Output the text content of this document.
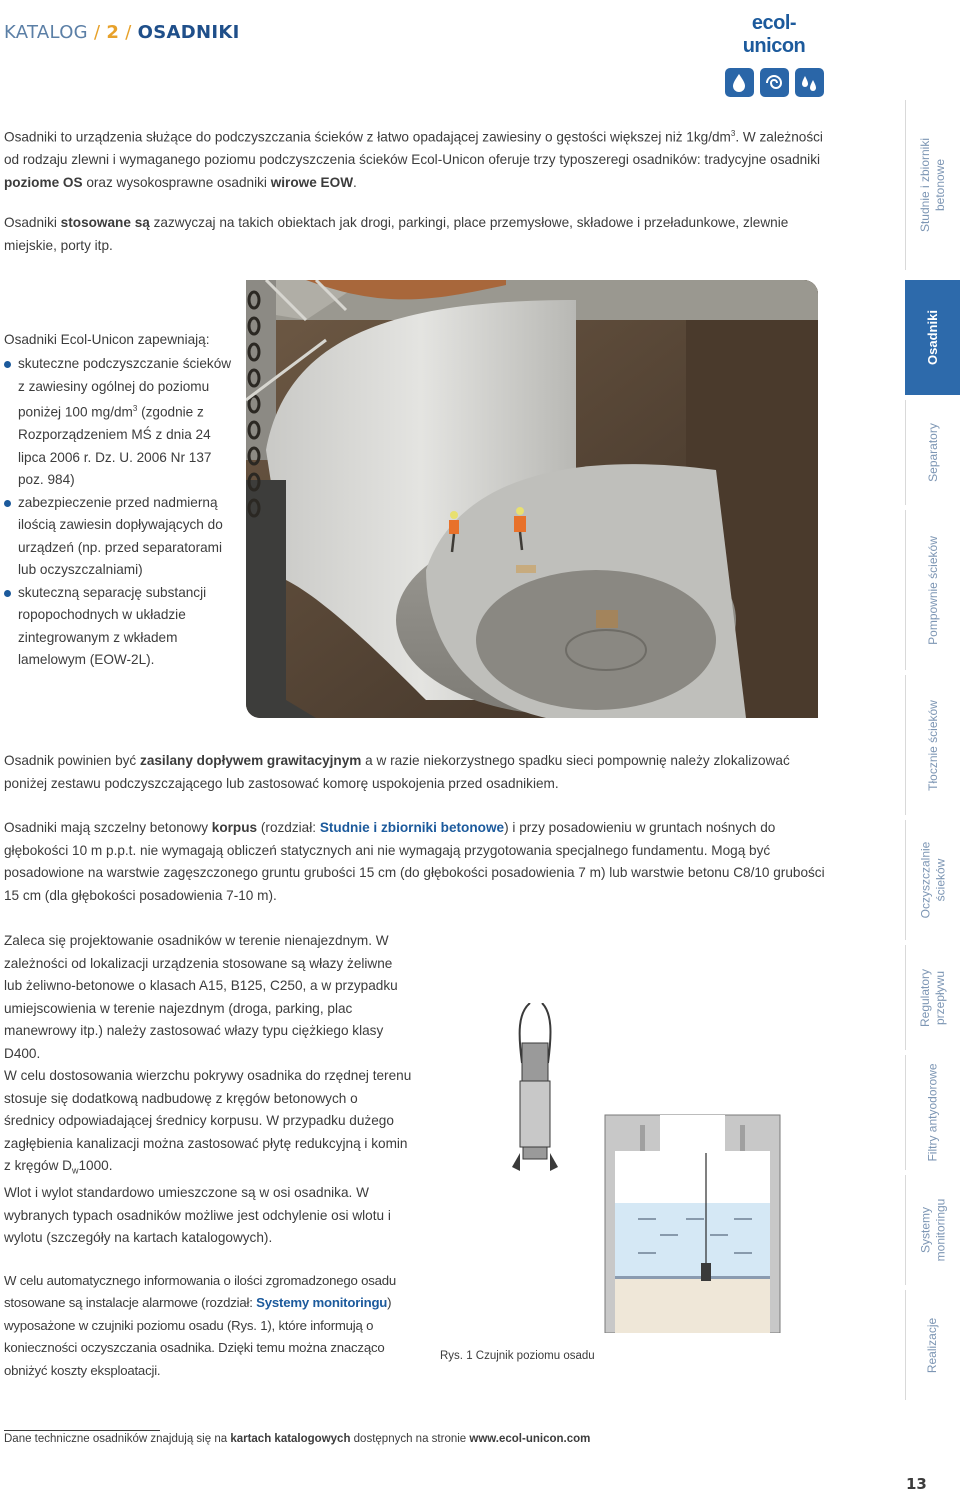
KATALOG / 2 / OSADNIKI	ecol-unicon
Studnie i zbiorniki
betonowe
Osadniki
Separatory
Pompownie ścieków
Tłocznie ścieków
Oczyszczalnie
ścieków
Regulatory
przepływu
Filtry antyodorowe
Systemy
monitoringu
Realizacje

Osadniki to urządzenia służące do podczyszczania ścieków z łatwo opadającej zawiesiny o gęstości większej niż $1kg/dm^3$. W zależności od rodzaju zlewni i wymaganego poziomu podczyszczenia ścieków Ecol-Unicon oferuje trzy typoszeregi osadników: tradycyjne osadniki poziome OS oraz wysokosprawne osadniki wirowe EOW.

Osadniki stosowane są zazwyczaj na takich obiektach jak drogi, parkingi, place przemysłowe, składowe i przeładunkowe, zlewnie miejskie, porty itp.

Osadniki Ecol-Unicon zapewniają:
skuteczne podczyszczanie ścieków z zawiesiny ogólnej do poziomu poniżej 100 $mg/dm^3$ (zgodnie z Rozporządzeniem MŚ z dnia 24 lipca 2006 r. Dz. U. 2006 Nr 137 poz. 984)
zabezpieczenie przed nadmierną ilością zawiesin dopływających do urządzeń (np. przed separatorami lub oczyszczalniami)
skuteczną separację substancji ropopochodnych w układzie zintegrowanym z wkładem lamelowym (EOW-2L).

Osadnik powinien być zasilany dopływem grawitacyjnym a w razie niekorzystnego spadku sieci pompownię należy zlokalizować poniżej zestawu podczyszczającego lub zastosować komorę uspokojenia przed osadnikiem.

Osadniki mają szczelny betonowy korpus (rozdział: Studnie i zbiorniki betonowe) i przy posadowieniu w gruntach nośnych do głębokości 10 m p.p.t. nie wymagają obliczeń statycznych ani nie wymagają przygotowania specjalnego fundamentu. Mogą być posadowione na warstwie zagęszczonego gruntu grubości 15 cm (do głębokości posadowienia 7 m) lub warstwie betonu C8/10 grubości 15 cm (dla głębokości posadowienia 7-10 m).

Zaleca się projektowanie osadników w terenie nienajezdnym. W zależności od lokalizacji urządzenia stosowane są włazy żeliwne lub żeliwno-betonowe o klasach A15, B125, C250, a w przypadku umiejscowienia w terenie najezdnym (droga, parking, plac manewrowy itp.) należy zastosować włazy typu ciężkiego klasy D400.

W celu dostosowania wierzchu pokrywy osadnika do rzędnej terenu stosuje się dodatkową nadbudowę z kręgów betonowych o średnicy odpowiadającej średnicy korpusu. W przypadku dużego zagłębienia kanalizacji można zastosować płytę redukcyjną i komin z kręgów $D_w1000$.

Wlot i wylot standardowo umieszczone są w osi osadnika. W wybranych typach osadników możliwe jest odchylenie osi wlotu i wylotu (szczegóły na kartach katalogowych).

W celu automatycznego informowania o ilości zgromadzonego osadu stosowane są instalacje alarmowe (rozdział: Systemy monitoringu) wyposażone w czujniki poziomu osadu (Rys. 1), które informują o konieczności oczyszczania osadnika. Dzięki temu można znacząco obniżyć koszty eksploatacji.

Rys. 1 Czujnik poziomu osadu
Dane techniczne osadników znajdują się na kartach katalogowych dostępnych na stronie www.ecol-unicon.com
13
